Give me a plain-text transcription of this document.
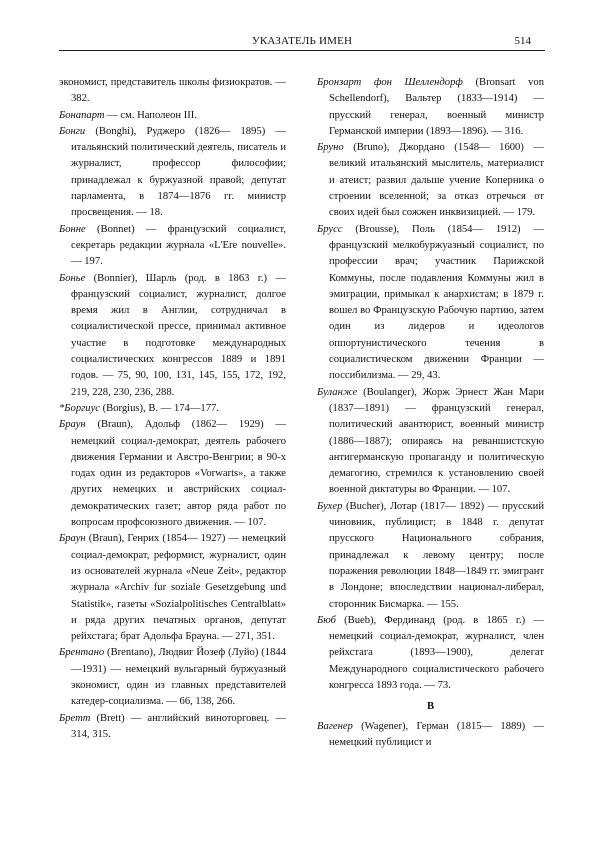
УКАЗАТЕЛЬ ИМЕН	514

экономист, представитель школы физиократов. — 382.

Бонапарт — см. Наполеон III.

Бонги (Bonghi), Руджеро (1826— 1895) — итальянский политический деятель, писатель и журналист, профессор философии; принадлежал к буржуазной правой; депутат парламента, в 1874—1876 гг. министр просвещения. — 18.

Бонне (Bonnet) — французский социалист, секретарь редакции журнала «L'Ere nouvelle». — 197.

Бонье (Bonnier), Шарль (род. в 1863 г.) — французский социалист, журналист, долгое время жил в Англии, сотрудничал в социалистической прессе, принимал активное участие в подготовке международных социалистических конгрессов 1889 и 1891 годов. — 75, 90, 100, 131, 145, 155, 172, 192, 219, 228, 230, 236, 288.

*Боргиус (Borgius), В. — 174—177.

Браун (Braun), Адольф (1862— 1929) — немецкий социал-демократ, деятель рабочего движения Германии и Австро-Венгрии; в 90-х годах один из редакторов «Vorwarts», а также других немецких и австрийских социал-демократических газет; автор ряда работ по вопросам профсоюзного движения. — 107.

Браун (Braun), Генрих (1854— 1927) — немецкий социал-демократ, реформист, журналист, один из основателей журнала «Neue Zeit», редактор журнала «Archiv fur soziale Gesetzgebung und Statistik», газеты «Sozialpolitisches Centralblatt» и ряда других печатных органов, депутат рейхстага; брат Адольфа Брауна. — 271, 351.

Брентано (Brentano), Людвиг Йозеф (Луйо) (1844—1931) — немецкий вульгарный буржуазный экономист, один из главных представителей катедер-социализма. — 66, 138, 266.

Бретт (Brett) — английский виноторговец. — 314, 315.

Бронзарт фон Шеллендорф (Bronsart von Schellendorf), Вальтер (1833—1914) — прусский генерал, военный министр Германской империи (1893—1896). — 316.

Бруно (Bruno), Джордано (1548— 1600) — великий итальянский мыслитель, материалист и атеист; развил дальше учение Коперника о строении вселенной; за отказ отречься от своих идей был сожжен инквизицией. — 179.

Брусс (Brousse), Поль (1854— 1912) — французский мелкобуржуазный социалист, по профессии врач; участник Парижской Коммуны, после подавления Коммуны жил в эмиграции, примыкал к анархистам; в 1879 г. вошел во Французскую Рабочую партию, затем один из лидеров и идеологов оппортунистического течения в социалистическом движении Франции — поссибилизма. — 29, 43.

Буланже (Boulanger), Жорж Эрнест Жан Мари (1837—1891) — французский генерал, политический авантюрист, военный министр (1886—1887); опираясь на реваншистскую антигерманскую пропаганду и политическую демагогию, стремился к установлению своей военной диктатуры во Франции. — 107.

Бухер (Bucher), Лотар (1817— 1892) — прусский чиновник, публицист; в 1848 г. депутат прусского Национального собрания, принадлежал к левому центру; после поражения революции 1848—1849 гг. эмигрант в Лондоне; впоследствии национал-либерал, сторонник Бисмарка. — 155.

Бюб (Bueb), Фердинанд (род. в 1865 г.) — немецкий социал-демократ, журналист, член рейхстага (1893—1900), делегат Международного социалистического рабочего конгресса 1893 года. — 73.

В

Вагенер (Wagener), Герман (1815— 1889) — немецкий публицист и
